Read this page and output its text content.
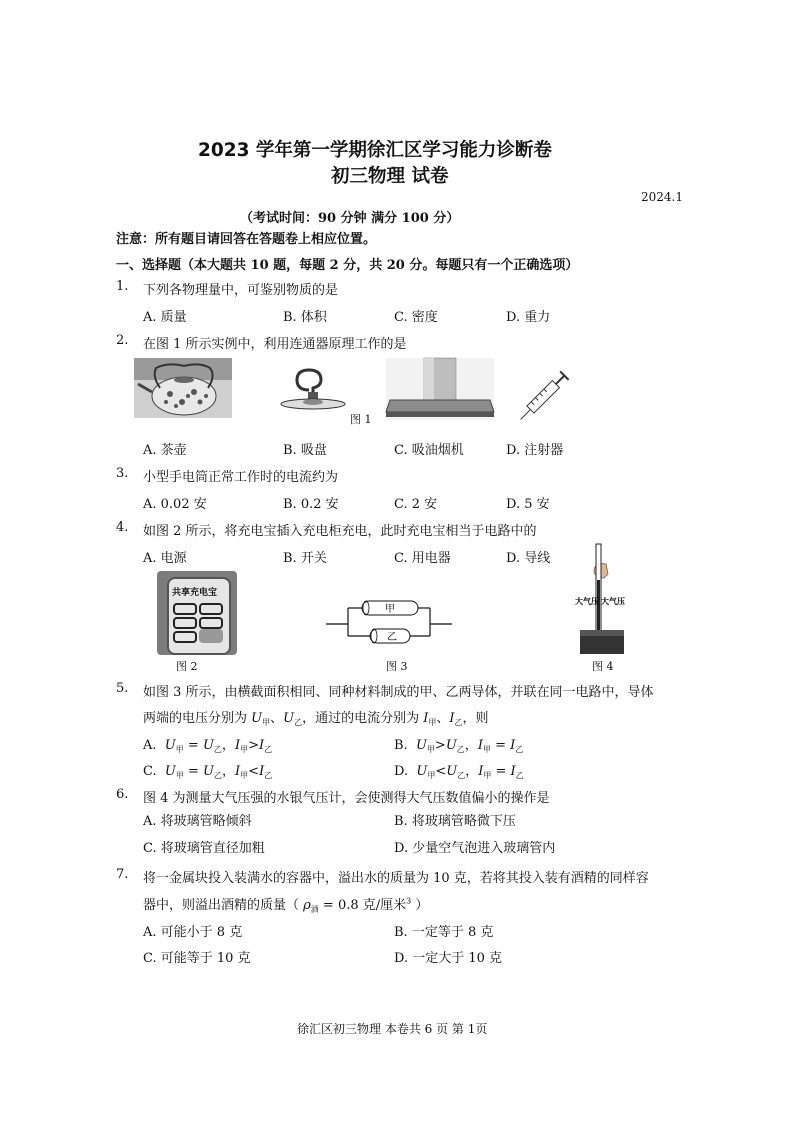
2023 学年第一学期徐汇区学习能力诊断卷
初三物理 试卷
2024.1
（考试时间：90 分钟 满分 100 分）
注意：所有题目请回答在答题卷上相应位置。
一、选择题（本大题共 10 题，每题 2 分，共 20 分。每题只有一个正确选项）
1. 下列各物理量中，可鉴别物质的是
A. 质量	B. 体积	C. 密度	D. 重力
2. 在图 1 所示实例中，利用连通器原理工作的是
图 1
A. 茶壶	B. 吸盘	C. 吸油烟机	D. 注射器
3. 小型手电筒正常工作时的电流约为
A. 0.02 安	B. 0.2 安	C. 2 安	D. 5 安
4. 如图 2 所示，将充电宝插入充电柜充电，此时充电宝相当于电路中的
A. 电源	B. 开关	C. 用电器	D. 导线
共享充电宝
图 2
甲
乙
图 3
大气压 大气压
图 4
5. 如图 3 所示，由横截面积相同、同种材料制成的甲、乙两导体，并联在同一电路中，导体
两端的电压分别为 $U_甲$、$U_乙$，通过的电流分别为 $I_甲$、$I_乙$，则
A. $U_甲 = U_乙$，$I_甲>I_乙$	B. $U_甲>U_乙$，$I_甲 = I_乙$
C. $U_甲 = U_乙$，$I_甲<I_乙$	D. $U_甲<U_乙$，$I_甲 = I_乙$
6. 图 4 为测量大气压强的水银气压计，会使测得大气压数值偏小的操作是
A. 将玻璃管略倾斜	B. 将玻璃管略微下压
C. 将玻璃管直径加粗	D. 少量空气泡进入玻璃管内
7. 将一金属块投入装满水的容器中，溢出水的质量为 10 克，若将其投入装有酒精的同样容
器中，则溢出酒精的质量（ $\rho_酒 = 0.8$ 克/厘米$^3$ ）
A. 可能小于 8 克	B. 一定等于 8 克
C. 可能等于 10 克	D. 一定大于 10 克
徐汇区初三物理 本卷共 6 页 第 1页
